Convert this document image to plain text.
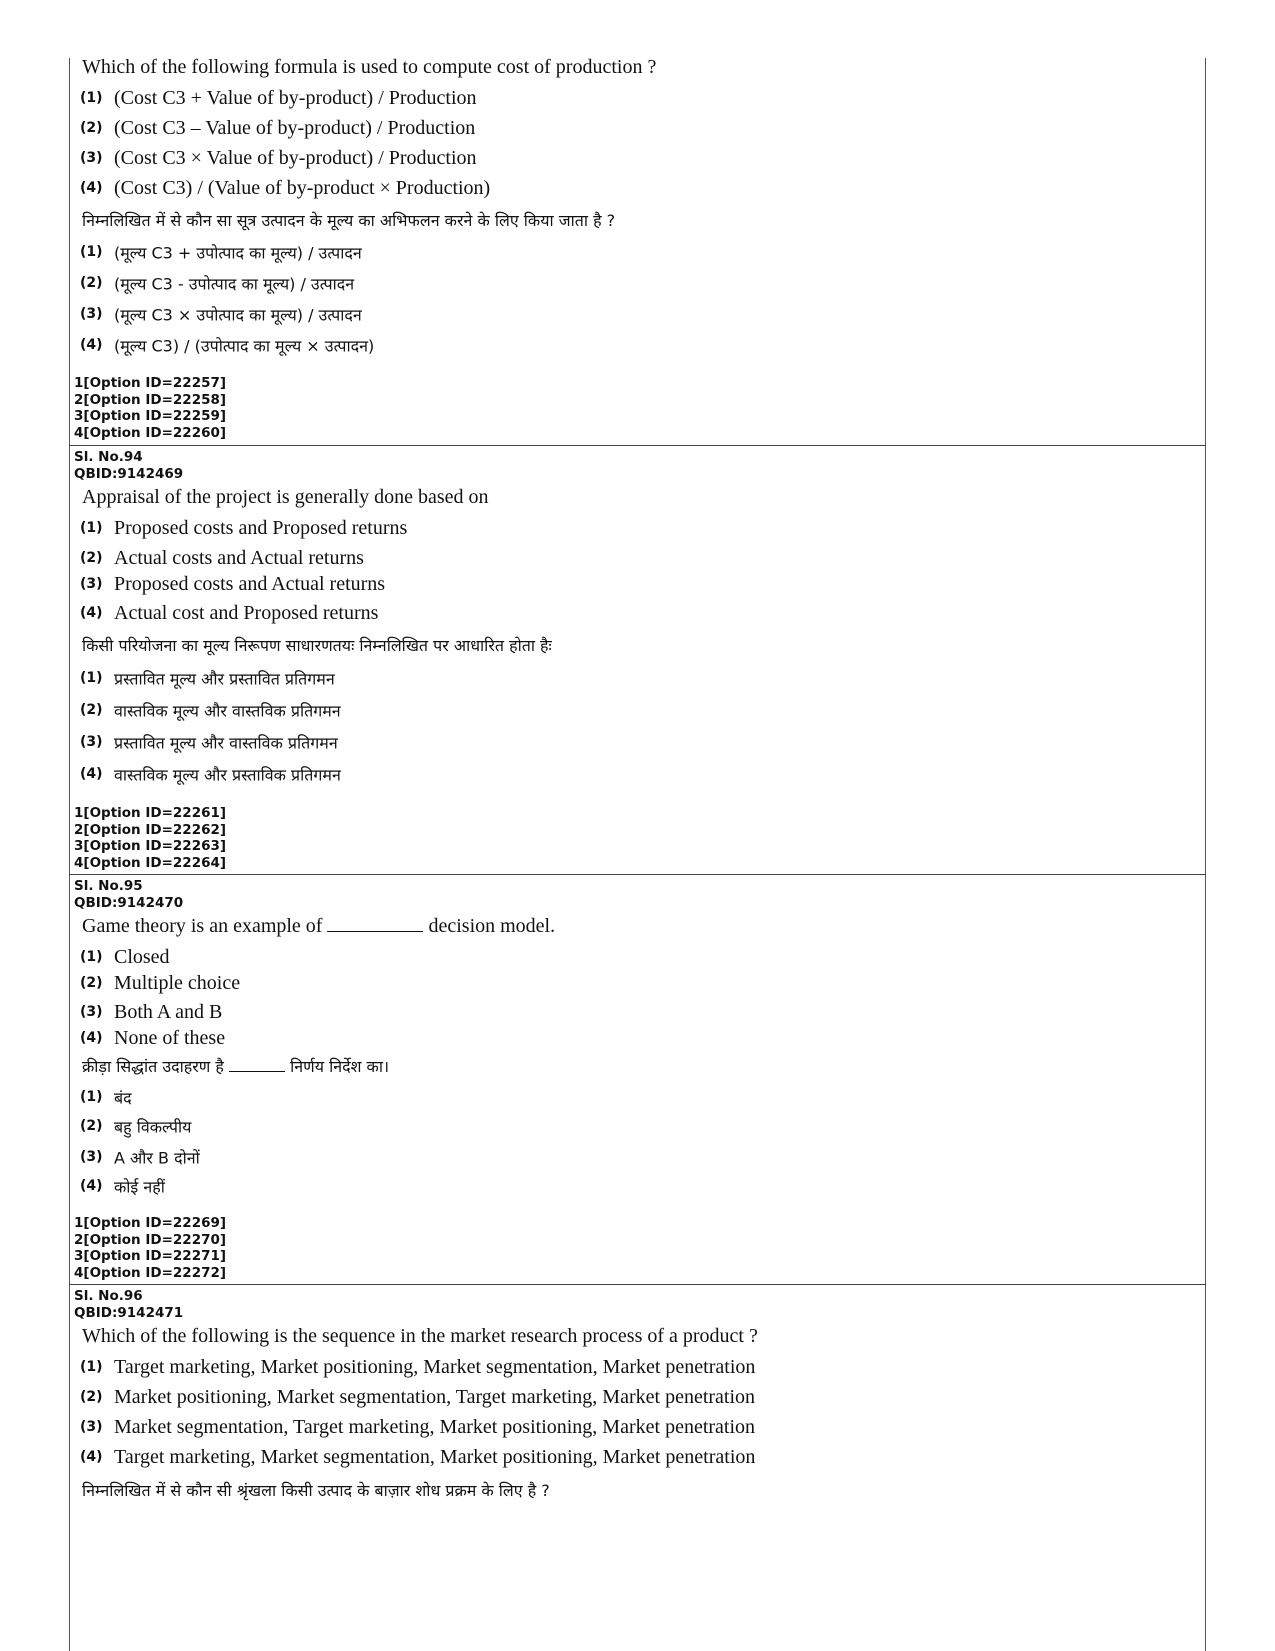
Which of the following formula is used to compute cost of production ?
(1) (Cost C3 + Value of by-product) / Production
(2) (Cost C3 – Value of by-product) / Production
(3) (Cost C3 × Value of by-product) / Production
(4) (Cost C3) / (Value of by-product × Production)
निम्नलिखित में से कौन सा सूत्र उत्पादन के मूल्य का अभिफलन करने के लिए किया जाता है ?
(1) (मूल्य C3 + उपोत्पाद का मूल्य) / उत्पादन
(2) (मूल्य C3 - उपोत्पाद का मूल्य) / उत्पादन
(3) (मूल्य C3 × उपोत्पाद का मूल्य) / उत्पादन
(4) (मूल्य C3) / (उपोत्पाद का मूल्य × उत्पादन)
1[Option ID=22257]
2[Option ID=22258]
3[Option ID=22259]
4[Option ID=22260]
Sl. No.94
QBID:9142469
Appraisal of the project is generally done based on
(1) Proposed costs and Proposed returns
(2) Actual costs and Actual returns
(3) Proposed costs and Actual returns
(4) Actual cost and Proposed returns
किसी परियोजना का मूल्य निरूपण साधारणतयः निम्नलिखित पर आधारित होता हैः
(1) प्रस्तावित मूल्य और प्रस्तावित प्रतिगमन
(2) वास्तविक मूल्य और वास्तविक प्रतिगमन
(3) प्रस्तावित मूल्य और वास्तविक प्रतिगमन
(4) वास्तविक मूल्य और प्रस्ताविक प्रतिगमन
1[Option ID=22261]
2[Option ID=22262]
3[Option ID=22263]
4[Option ID=22264]
Sl. No.95
QBID:9142470
Game theory is an example of	decision model.
(1) Closed
(2) Multiple choice
(3) Both A and B
(4) None of these
क्रीड़ा सिद्धांत उदाहरण है	निर्णय निर्देश का।
(1) बंद
(2) बहु विकल्पीय
(3) A और B दोनों
(4) कोई नहीं
1[Option ID=22269]
2[Option ID=22270]
3[Option ID=22271]
4[Option ID=22272]
Sl. No.96
QBID:9142471
Which of the following is the sequence in the market research process of a product ?
(1) Target marketing, Market positioning, Market segmentation, Market penetration
(2) Market positioning, Market segmentation, Target marketing, Market penetration
(3) Market segmentation, Target marketing, Market positioning, Market penetration
(4) Target marketing, Market segmentation, Market positioning, Market penetration
निम्नलिखित में से कौन सी श्रृंखला किसी उत्पाद के बाज़ार शोध प्रक्रम के लिए है ?
